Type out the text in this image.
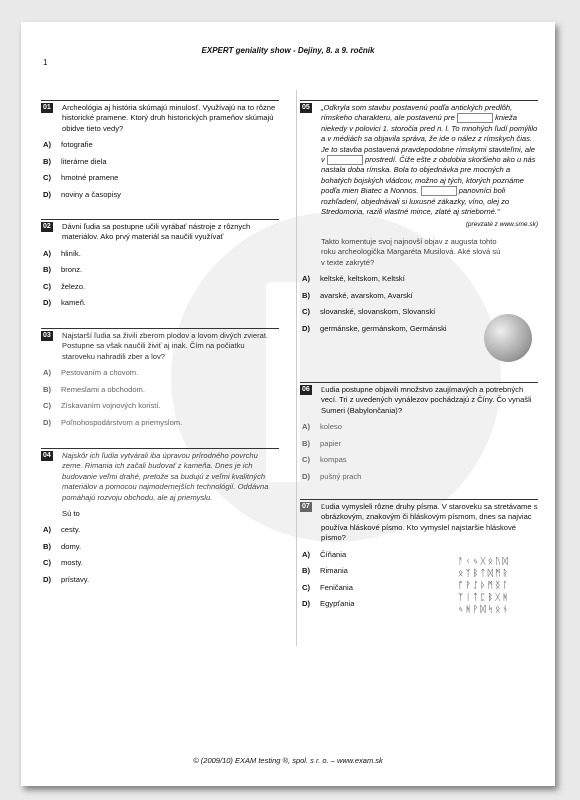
EXPERT geniality show - Dejiny, 8. a 9. ročník
1
01 Archeológia aj história skúmajú minulosť. Využívajú na to rôzne historické pramene. Ktorý druh historických prameňov skúmajú obidve tieto vedy?
A)	fotografie
B)	literárne diela
C)	hmotné pramene
D)	noviny a časopisy
02 Dávni ľudia sa postupne učili vyrábať nástroje z rôznych materiálov. Ako prvý materiál sa naučili využívať
A)	hliník.
B)	bronz.
C)	železo.
D)	kameň.
03 Najstarší ľudia sa živili zberom plodov a lovom divých zvierat. Postupne sa však naučili živiť aj inak. Čím na počiatku staroveku nahradili zber a lov?
A)	Pestovaním a chovom.
B)	Remeslami a obchodom.
C)	Získavaním vojnových koristí.
D)	Poľnohospodárstvom a priemyslom.
04 Najskôr ich ľudia vytvárali iba úpravou prírodného povrchu zeme. Rimania ich začali budovať z kameňa. Dnes je ich budovanie veľmi drahé, pretože sa budujú z veľmi kvalitných materiálov a pomocou najmodernejších technológií. Oddávna pomáhajú rozvoju obchodu, ale aj priemyslu.
Sú to
A)	cesty.
B)	domy.
C)	mosty.
D)	prístavy.
05 „Odkryla som stavbu postavenú podľa antických predlôh, rímskeho charakteru, ale postavenú pre	kniežа niekedy v polovici 1. storočia pred n. l. To mnohých ľudí pomýlilo a v médiách sa objavila správa, že ide o nález z rímskych čias. Je to stavba postavená pravdepodobne rímskymi staviteľmi, ale v	prostredí. Čiže ešte z obdobia skoršieho ako u nás nastala doba rímska. Bola to objednávka pre mocných a bohatých bojských vládcov, možno aj tých, ktorých poznáme podľa mien Biatec a Nonnos.	panovníci boli rozhľadení, objednávali si luxusné zákazky, víno, olej zo Stredomoria, razili vlastné mince, zlaté aj strieborné.“
(prevzaté z www.sme.sk)
Takto komentuje svoj najnovší objav z augusta tohto roku archeologička Margaréta Musilová. Aké slová sú v texte zakryté?
A)	keltské, keltskom, Keltskí
B)	avarské, avarskom, Avarskí
C)	slovanské, slovanskom, Slovanskí
D)	germánske, germánskom, Germánski
06 Ľudia postupne objavili množstvo zaujímavých a potrebných vecí. Tri z uvedených vynálezov pochádzajú z Číny. Čo vynašli Sumeri (Babylončania)?
A)	koleso
B)	papier
C)	kompas
D)	pušný prach
07 Ľudia vymysleli rôzne druhy písma. V staroveku sa stretávame s obrázkovým, znakovým či hláskovým písmom, dnes sa najviac používa hláskové písmo. Kto vymyslel najstaršie hláskové písmo?
A)	Číňania
B)	Rimania
C)	Feničania
D)	Egypťania
ᚨᚲᛃᚷᛟᚢᛞ
ᛟᛉᛒᛏᛞᛗᚱ
ᚩᚹᛇᚦᛗᛝᛚ
ᛉᛁᛏᛈᛒᚷᚻ
ᛃᚻᚹᛞᛋᛟᚾ
© (2009/10) EXAM testing ®, spol. s r. o. – www.exam.sk
